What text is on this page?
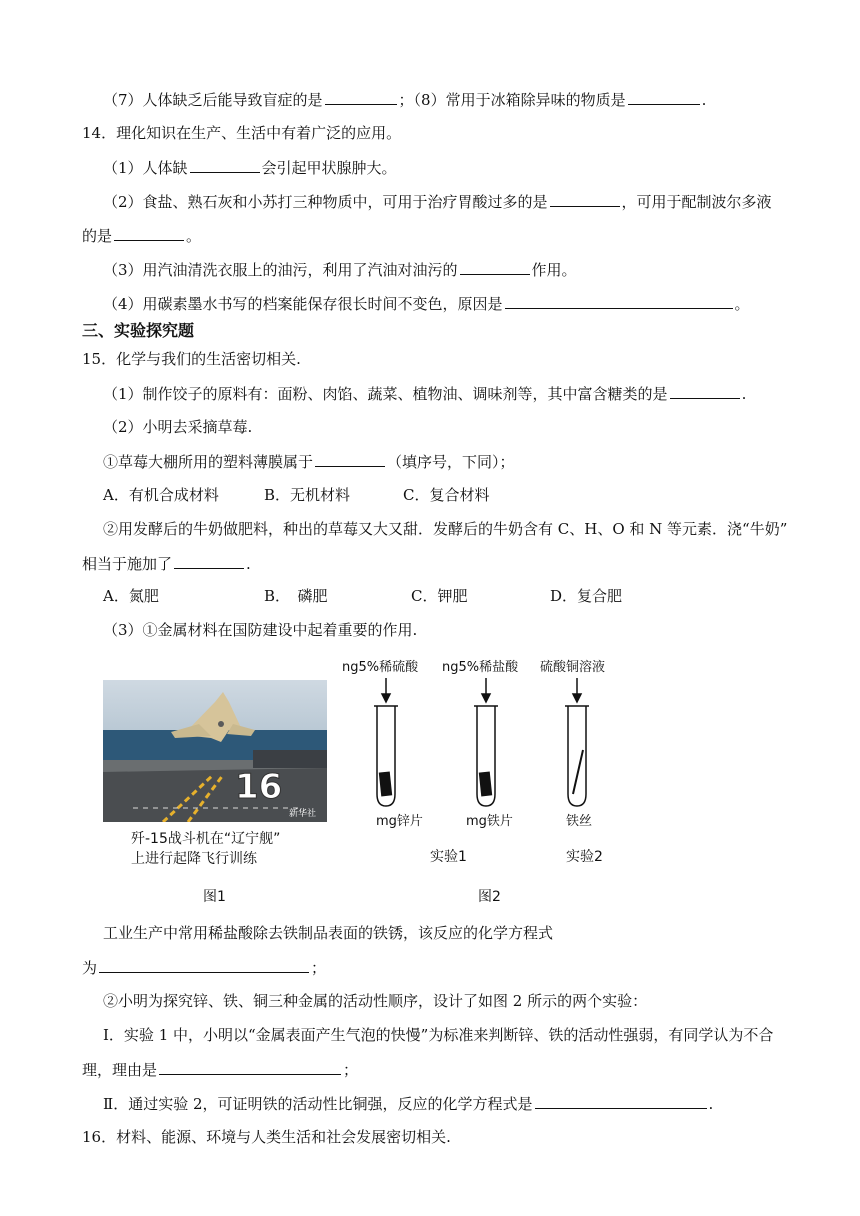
（7）人体缺乏后能导致盲症的是	；（8）常用于冰箱除异味的物质是	.
14．理化知识在生产、生活中有着广泛的应用。
（1）人体缺	会引起甲状腺肿大。
（2）食盐、熟石灰和小苏打三种物质中，可用于治疗胃酸过多的是	，可用于配制波尔多液
的是	。
（3）用汽油清洗衣服上的油污，利用了汽油对油污的	作用。
（4）用碳素墨水书写的档案能保存很长时间不变色，原因是	。
三、实验探究题
15．化学与我们的生活密切相关.
（1）制作饺子的原料有：面粉、肉馅、蔬菜、植物油、调味剂等，其中富含糖类的是	.
（2）小明去采摘草莓.
①草莓大棚所用的塑料薄膜属于	（填序号，下同）；
A．有机合成材料	B．无机材料	C．复合材料
②用发酵后的牛奶做肥料，种出的草莓又大又甜．发酵后的牛奶含有 C、H、O 和 N 等元素．浇“牛奶”
相当于施加了	.
A．氮肥	B．　磷肥	C．钾肥	D．复合肥
（3）①金属材料在国防建设中起着重要的作用.
16
新华社
歼-15战斗机在“辽宁舰”
上进行起降飞行训练
图1
ng5%稀硫酸 ng5%稀盐酸 硫酸铜溶液
mg锌片	mg铁片	铁丝
实验1	实验2
图2
工业生产中常用稀盐酸除去铁制品表面的铁锈，该反应的化学方程式
为	；
②小明为探究锌、铁、铜三种金属的活动性顺序，设计了如图 2 所示的两个实验：
Ⅰ．实验 1 中，小明以“金属表面产生气泡的快慢”为标准来判断锌、铁的活动性强弱，有同学认为不合
理，理由是	；
Ⅱ．通过实验 2，可证明铁的活动性比铜强，反应的化学方程式是	.
16．材料、能源、环境与人类生活和社会发展密切相关.
